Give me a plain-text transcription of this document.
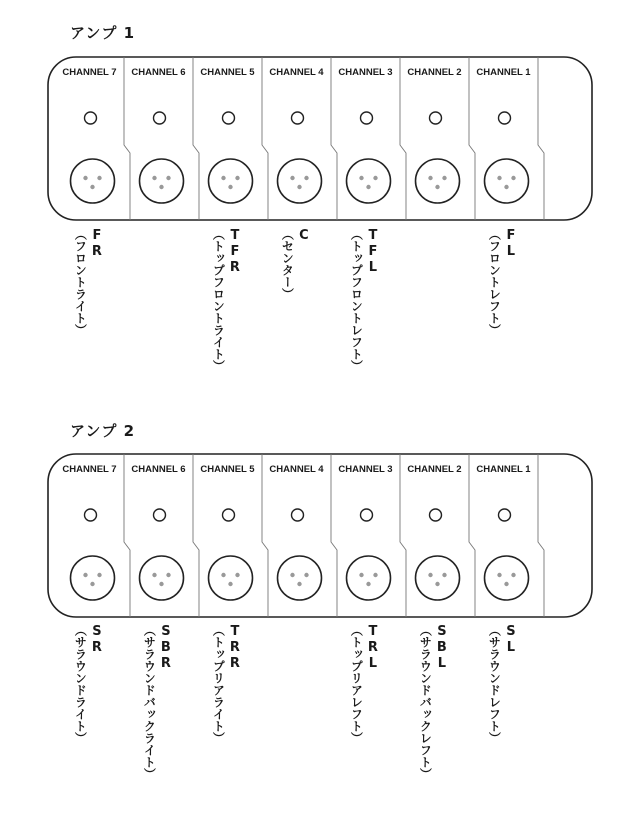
アンプ 1
CHANNEL 7 CHANNEL 6 CHANNEL 5 CHANNEL 4 CHANNEL 3 CHANNEL 2 CHANNEL 1
FR
（フロントライト）	TFR
（トップフロントライト）	C
（センター）	TFL
（トップフロントレフト）	FL
（フロントレフト）
アンプ 2
CHANNEL 7 CHANNEL 6 CHANNEL 5 CHANNEL 4 CHANNEL 3 CHANNEL 2 CHANNEL 1
SR
（サラウンドライト）	SBR
（サラウンドバックライト）	TRR
（トップリアライト）	TRL
（トップリアレフト）	SBL
（サラウンドバックレフト）	SL
（サラウンドレフト）
